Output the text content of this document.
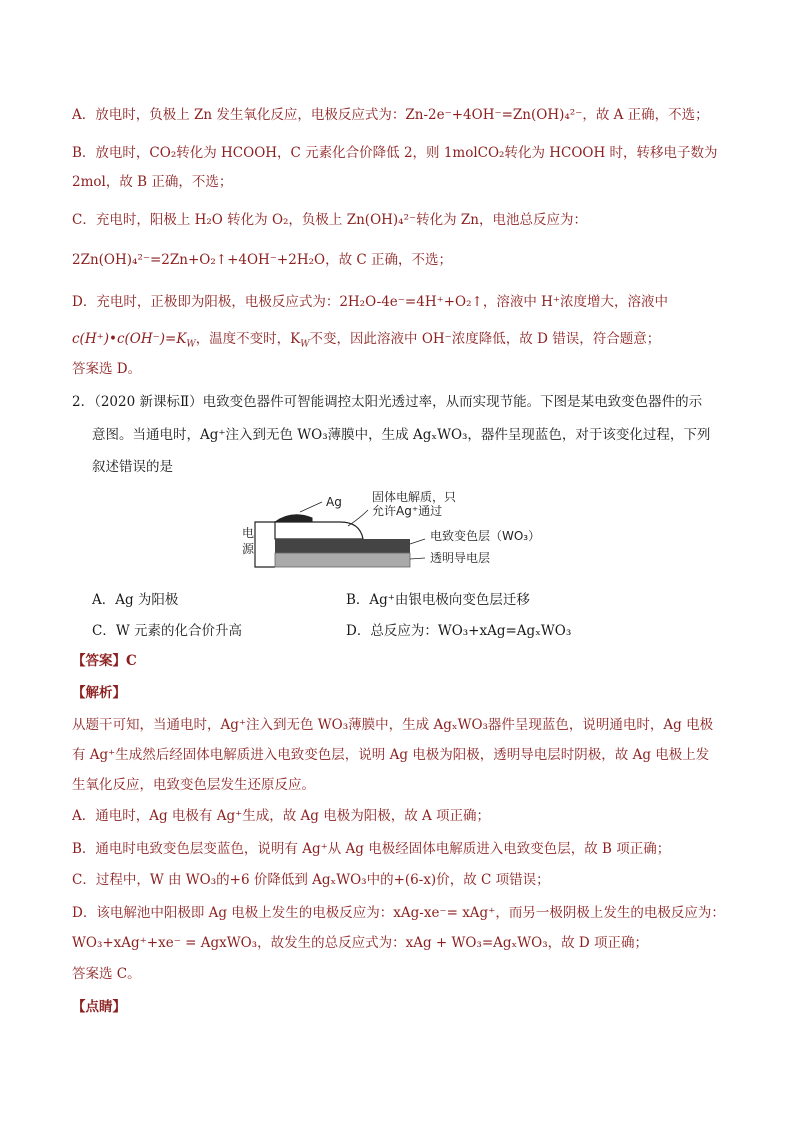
A．放电时，负极上 Zn 发生氧化反应，电极反应式为：Zn-2e⁻+4OH⁻=Zn(OH)₄²⁻，故 A 正确，不选；
B．放电时，CO₂转化为 HCOOH，C 元素化合价降低 2，则 1molCO₂转化为 HCOOH 时，转移电子数为
2mol，故 B 正确，不选；
C．充电时，阳极上 H₂O 转化为 O₂，负极上 Zn(OH)₄²⁻转化为 Zn，电池总反应为：
2Zn(OH)₄²⁻=2Zn+O₂↑+4OH⁻+2H₂O，故 C 正确，不选；
D．充电时，正极即为阳极，电极反应式为：2H₂O-4e⁻=4H⁺+O₂↑，溶液中 H⁺浓度增大，溶液中
$c(H^+)•c(OH^-)=K_W$，温度不变时，$K_W$不变，因此溶液中 OH⁻浓度降低，故 D 错误，符合题意；
答案选 D。
2．（2020 新课标Ⅱ）电致变色器件可智能调控太阳光透过率，从而实现节能。下图是某电致变色器件的示
意图。当通电时，Ag⁺注入到无色 WO₃薄膜中，生成 AgₓWO₃，器件呈现蓝色，对于该变化过程，下列
叙述错误的是
电
源
Ag	固体电解质，只
允许Ag⁺通过
电致变色层（WO₃）
透明导电层
A．Ag 为阳极	B．Ag⁺由银电极向变色层迁移
C．W 元素的化合价升高	D．总反应为：WO₃+xAg=AgₓWO₃
【答案】C
【解析】
从题干可知，当通电时，Ag⁺注入到无色 WO₃薄膜中，生成 AgₓWO₃器件呈现蓝色，说明通电时，Ag 电极
有 Ag⁺生成然后经固体电解质进入电致变色层，说明 Ag 电极为阳极，透明导电层时阴极，故 Ag 电极上发
生氧化反应，电致变色层发生还原反应。
A．通电时，Ag 电极有 Ag⁺生成，故 Ag 电极为阳极，故 A 项正确；
B．通电时电致变色层变蓝色，说明有 Ag⁺从 Ag 电极经固体电解质进入电致变色层，故 B 项正确；
C．过程中，W 由 WO₃的+6 价降低到 AgₓWO₃中的+(6-x)价，故 C 项错误；
D．该电解池中阳极即 Ag 电极上发生的电极反应为：xAg-xe⁻= xAg⁺，而另一极阴极上发生的电极反应为：
WO₃+xAg⁺+xe⁻ = AgxWO₃，故发生的总反应式为：xAg + WO₃=AgₓWO₃，故 D 项正确；
答案选 C。
【点睛】
